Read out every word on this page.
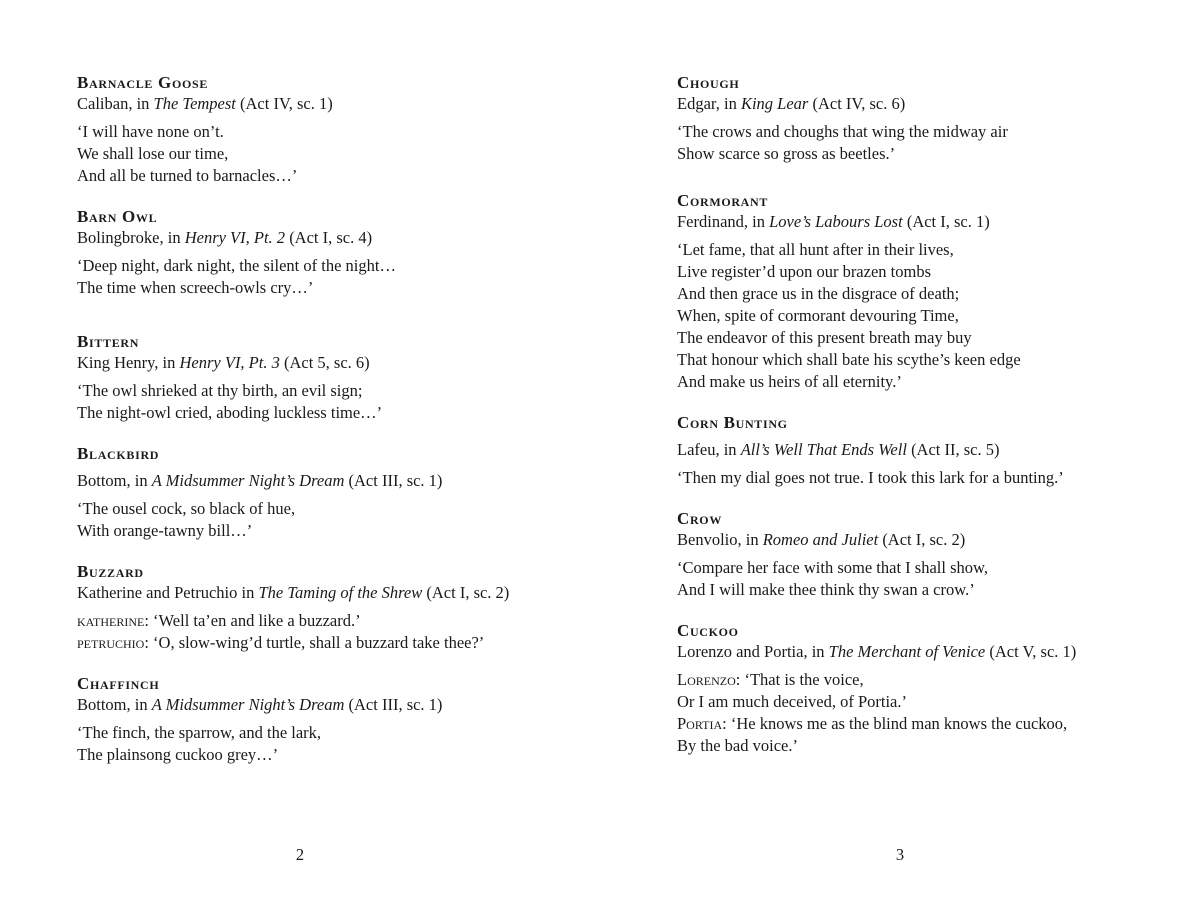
Barnacle Goose

Caliban, in The Tempest (Act IV, sc. 1)

‘I will have none on’t.
We shall lose our time,
And all be turned to barnacles…’

Barn Owl

Bolingbroke, in Henry VI, Pt. 2 (Act I, sc. 4)

‘Deep night, dark night, the silent of the night…
The time when screech-owls cry…’

Bittern

King Henry, in Henry VI, Pt. 3 (Act 5, sc. 6)

‘The owl shrieked at thy birth, an evil sign;
The night-owl cried, aboding luckless time…’

Blackbird

Bottom, in A Midsummer Night’s Dream (Act III, sc. 1)

‘The ousel cock, so black of hue,
With orange-tawny bill…’

Buzzard

Katherine and Petruchio in The Taming of the Shrew (Act I, sc. 2)

katherine: ‘Well ta’en and like a buzzard.’
petruchio: ‘O, slow-wing’d turtle, shall a buzzard take thee?’

Chaffinch

Bottom, in A Midsummer Night’s Dream (Act III, sc. 1)

‘The finch, the sparrow, and the lark,
The plainsong cuckoo grey…’

Chough

Edgar, in King Lear (Act IV, sc. 6)

‘The crows and choughs that wing the midway air
Show scarce so gross as beetles.’

Cormorant

Ferdinand, in Love’s Labours Lost (Act I, sc. 1)

‘Let fame, that all hunt after in their lives,
Live register’d upon our brazen tombs
And then grace us in the disgrace of death;
When, spite of cormorant devouring Time,
The endeavor of this present breath may buy
That honour which shall bate his scythe’s keen edge
And make us heirs of all eternity.’

Corn Bunting

Lafeu, in All’s Well That Ends Well (Act II, sc. 5)

‘Then my dial goes not true. I took this lark for a bunting.’

Crow

Benvolio, in Romeo and Juliet (Act I, sc. 2)

‘Compare her face with some that I shall show,
And I will make thee think thy swan a crow.’

Cuckoo

Lorenzo and Portia, in The Merchant of Venice (Act V, sc. 1)

Lorenzo: ‘That is the voice,
Or I am much deceived, of Portia.’
Portia: ‘He knows me as the blind man knows the cuckoo,
By the bad voice.’
2	3
